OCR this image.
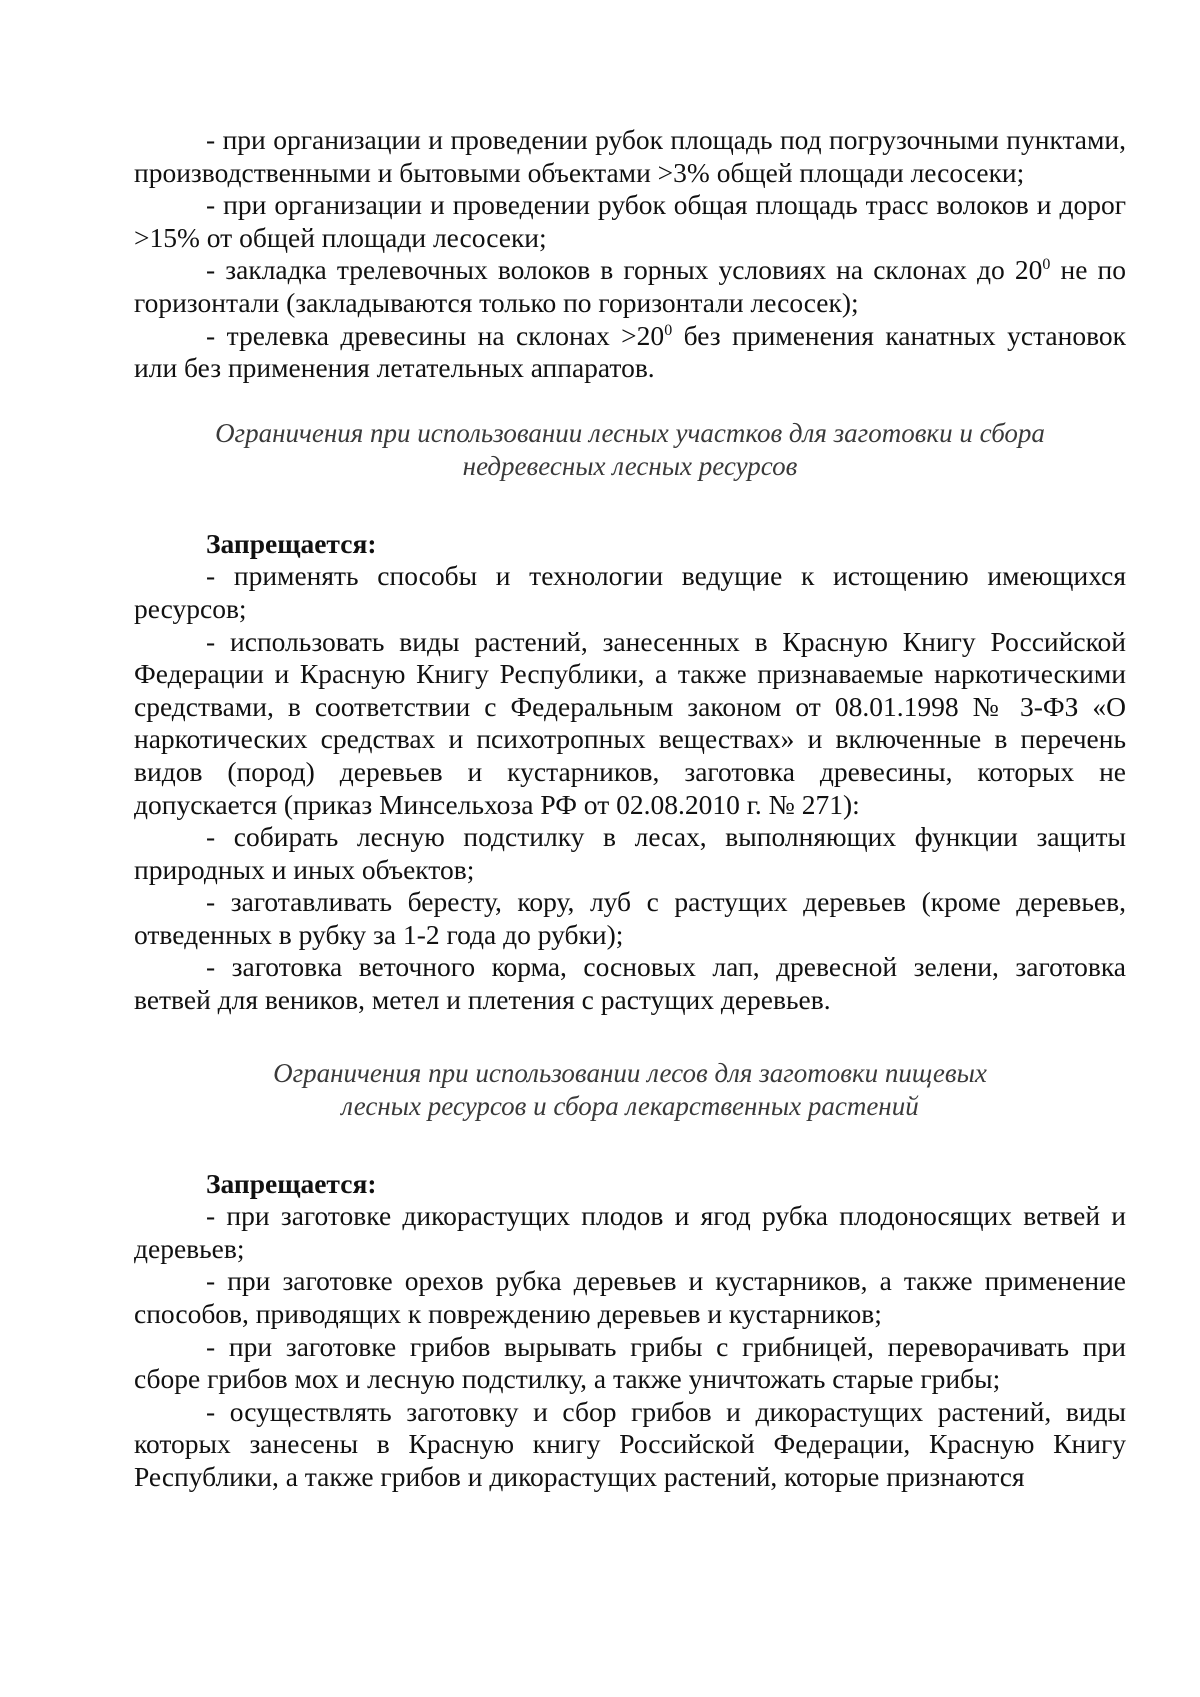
- при организации и проведении рубок площадь под погрузочными пунктами, производственными и бытовыми объектами >3% общей площади лесосеки;

- при организации и проведении рубок общая площадь трасс волоков и дорог >15% от общей площади лесосеки;

- закладка трелевочных волоков в горных условиях на склонах до $20^0$ не по горизонтали (закладываются только по горизонтали лесосек);

- трелевка древесины на склонах $>20^0$ без применения канатных установок или без применения летательных аппаратов.

Ограничения при использовании лесных участков для заготовки и сбора
недревесных лесных ресурсов

Запрещается:

- применять способы и технологии ведущие к истощению имеющихся ресурсов;

- использовать виды растений, занесенных в Красную Книгу Российской Федерации и Красную Книгу Республики, а также признаваемые наркотическими средствами, в соответствии с Федеральным законом от 08.01.1998 № 3-ФЗ «О наркотических средствах и психотропных веществах» и включенные в перечень видов (пород) деревьев и кустарников, заготовка древесины, которых не допускается (приказ Минсельхоза РФ от 02.08.2010 г. № 271):

- собирать лесную подстилку в лесах, выполняющих функции защиты природных и иных объектов;

- заготавливать бересту, кору, луб с растущих деревьев (кроме деревьев, отведенных в рубку за 1-2 года до рубки);

- заготовка веточного корма, сосновых лап, древесной зелени, заготовка ветвей для веников, метел и плетения с растущих деревьев.

Ограничения при использовании лесов для заготовки пищевых
лесных ресурсов и сбора лекарственных растений

Запрещается:

- при заготовке дикорастущих плодов и ягод рубка плодоносящих ветвей и деревьев;

- при заготовке орехов рубка деревьев и кустарников, а также применение способов, приводящих к повреждению деревьев и кустарников;

- при заготовке грибов вырывать грибы с грибницей, переворачивать при сборе грибов мох и лесную подстилку, а также уничтожать старые грибы;

- осуществлять заготовку и сбор грибов и дикорастущих растений, виды которых занесены в Красную книгу Российской Федерации, Красную Книгу Республики, а также грибов и дикорастущих растений, которые признаются
